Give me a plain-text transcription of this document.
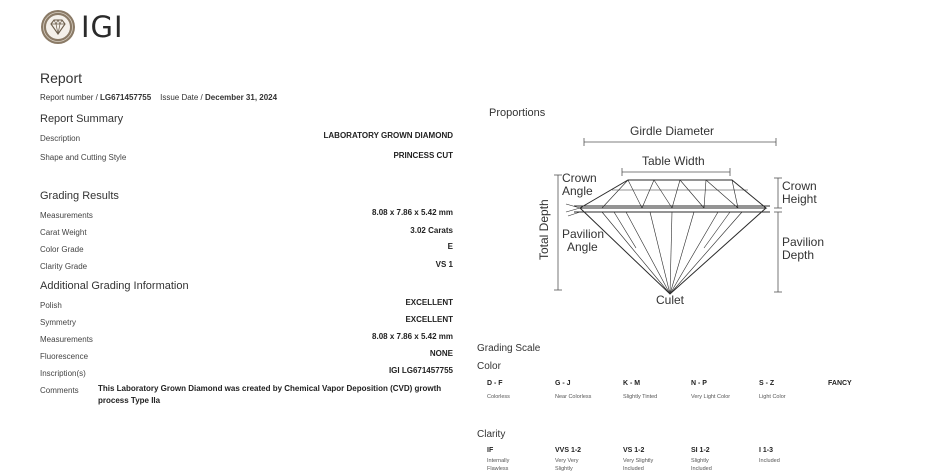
IGI
Report
Report number / LG671457755 Issue Date / December 31, 2024
Report Summary
Description	LABORATORY GROWN DIAMOND
Shape and Cutting Style	PRINCESS CUT
Grading Results
Measurements	8.08 x 7.86 x 5.42 mm
Carat Weight	3.02 Carats
Color Grade	E
Clarity Grade	VS 1
Additional Grading Information
Polish	EXCELLENT
Symmetry	EXCELLENT
Measurements	8.08 x 7.86 x 5.42 mm
Fluorescence	NONE
Inscription(s)	IGI LG671457755
Comments This Laboratory Grown Diamond was created by Chemical Vapor Deposition (CVD) growth process Type IIa
Proportions
Girdle Diameter
Table Width
Crown
Angle	Crown
Height
Pavilion
Angle	Pavilion
Depth
Culet
Total Depth
Grading Scale
Color
D - F
Colorless
G - J
Near Colorless
K - M
Slightly Tinted
N - P
Very Light Color
S - Z
Light Color
FANCY
Clarity
IF
Internally
Flawless
VVS 1-2
Very Very
Slightly
VS 1-2
Very Slightly
Included
SI 1-2
Slightly
Included
I 1-3
Included
